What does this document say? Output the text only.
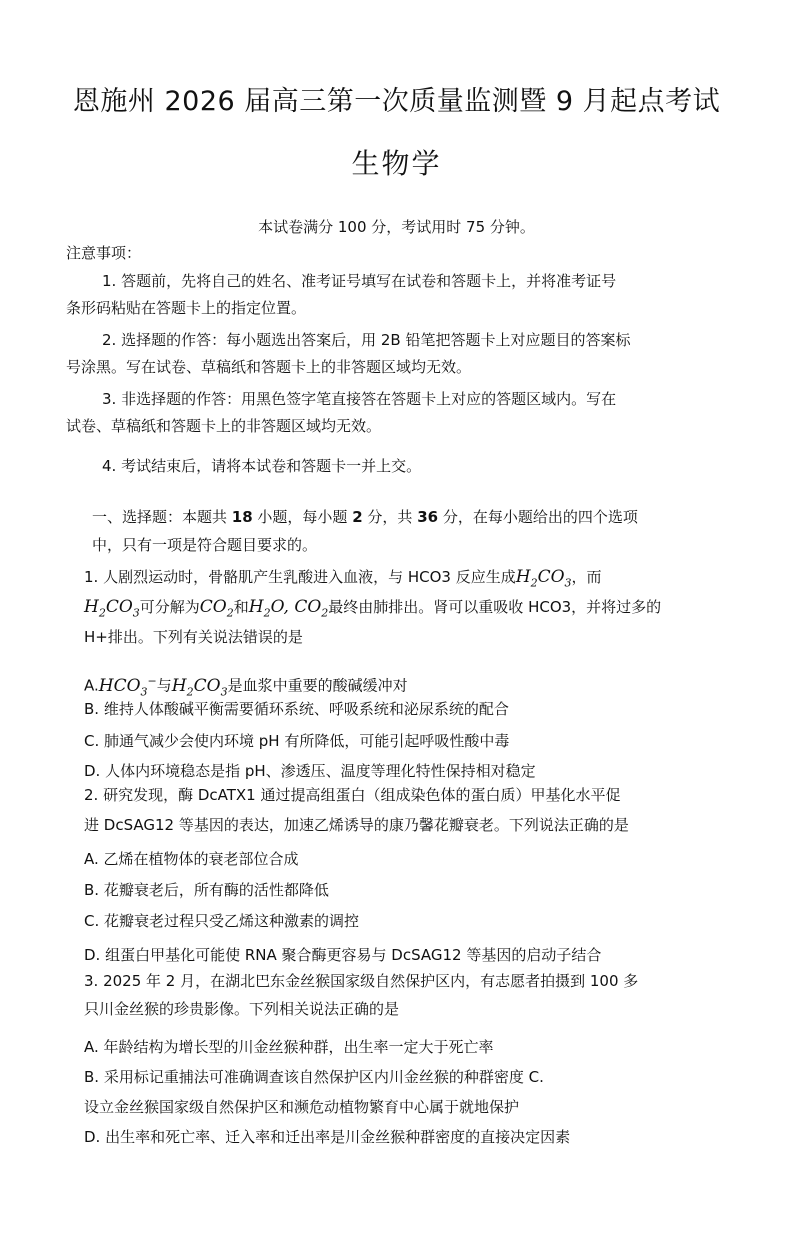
恩施州 2026 届高三第一次质量监测暨 9 月起点考试
生物学
本试卷满分 100 分，考试用时 75 分钟。
注意事项：
1. 答题前，先将自己的姓名、准考证号填写在试卷和答题卡上，并将准考证号
条形码粘贴在答题卡上的指定位置。
2. 选择题的作答：每小题选出答案后，用 2B 铅笔把答题卡上对应题目的答案标
号涂黑。写在试卷、草稿纸和答题卡上的非答题区域均无效。
3. 非选择题的作答：用黑色签字笔直接答在答题卡上对应的答题区域内。写在
试卷、草稿纸和答题卡上的非答题区域均无效。
4. 考试结束后，请将本试卷和答题卡一并上交。
一、选择题：本题共 18 小题，每小题 2 分，共 36 分，在每小题给出的四个选项
中，只有一项是符合题目要求的。
1. 人剧烈运动时，骨骼肌产生乳酸进入血液，与 HCO3 反应生成$H_2CO_3$，而
$H_2CO_3$可分解为$CO_2$和$H_2O$, $CO_2$最终由肺排出。肾可以重吸收 HCO3，并将过多的
H+排出。下列有关说法错误的是
$A.HCO_3^-$与$H_2CO_3$是血浆中重要的酸碱缓冲对
B. 维持人体酸碱平衡需要循环系统、呼吸系统和泌尿系统的配合
C. 肺通气减少会使内环境 pH 有所降低，可能引起呼吸性酸中毒
D. 人体内环境稳态是指 pH、渗透压、温度等理化特性保持相对稳定
2. 研究发现，酶 DcATX1 通过提高组蛋白（组成染色体的蛋白质）甲基化水平促
进 DcSAG12 等基因的表达，加速乙烯诱导的康乃馨花瓣衰老。下列说法正确的是
A. 乙烯在植物体的衰老部位合成
B. 花瓣衰老后，所有酶的活性都降低
C. 花瓣衰老过程只受乙烯这种激素的调控
D. 组蛋白甲基化可能使 RNA 聚合酶更容易与 DcSAG12 等基因的启动子结合
3. 2025 年 2 月，在湖北巴东金丝猴国家级自然保护区内，有志愿者拍摄到 100 多
只川金丝猴的珍贵影像。下列相关说法正确的是
A. 年龄结构为增长型的川金丝猴种群，出生率一定大于死亡率
B. 采用标记重捕法可准确调查该自然保护区内川金丝猴的种群密度 C.
设立金丝猴国家级自然保护区和濒危动植物繁育中心属于就地保护
D. 出生率和死亡率、迁入率和迁出率是川金丝猴种群密度的直接决定因素
